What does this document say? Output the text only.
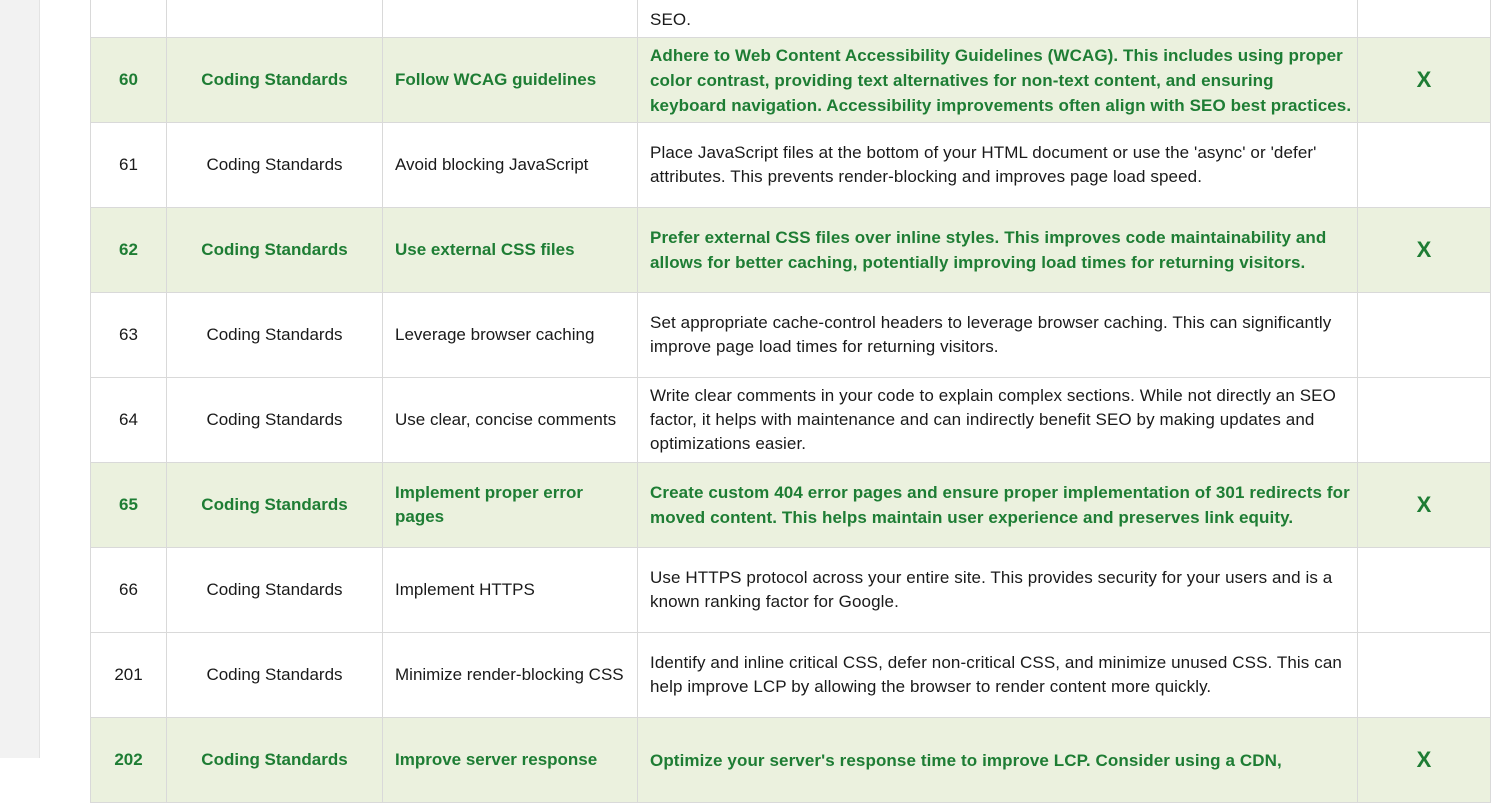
			SEO.	

60	Coding Standards	Follow WCAG guidelines	Adhere to Web Content Accessibility Guidelines (WCAG). This includes using proper color contrast, providing text alternatives for non-text content, and ensuring keyboard navigation. Accessibility improvements often align with SEO best practices.	X

61	Coding Standards	Avoid blocking JavaScript	Place JavaScript files at the bottom of your HTML document or use the 'async' or 'defer' attributes. This prevents render-blocking and improves page load speed.	

62	Coding Standards	Use external CSS files	Prefer external CSS files over inline styles. This improves code maintainability and allows for better caching, potentially improving load times for returning visitors.	X

63	Coding Standards	Leverage browser caching	Set appropriate cache-control headers to leverage browser caching. This can significantly improve page load times for returning visitors.	

64	Coding Standards	Use clear, concise comments	Write clear comments in your code to explain complex sections. While not directly an SEO factor, it helps with maintenance and can indirectly benefit SEO by making updates and optimizations easier.	

65	Coding Standards	Implement proper error pages	Create custom 404 error pages and ensure proper implementation of 301 redirects for moved content. This helps maintain user experience and preserves link equity.	X

66	Coding Standards	Implement HTTPS	Use HTTPS protocol across your entire site. This provides security for your users and is a known ranking factor for Google.	

201	Coding Standards	Minimize render-blocking CSS	Identify and inline critical CSS, defer non-critical CSS, and minimize unused CSS. This can help improve LCP by allowing the browser to render content more quickly.	

202	Coding Standards	Improve server response	Optimize your server's response time to improve LCP. Consider using a CDN,	X
